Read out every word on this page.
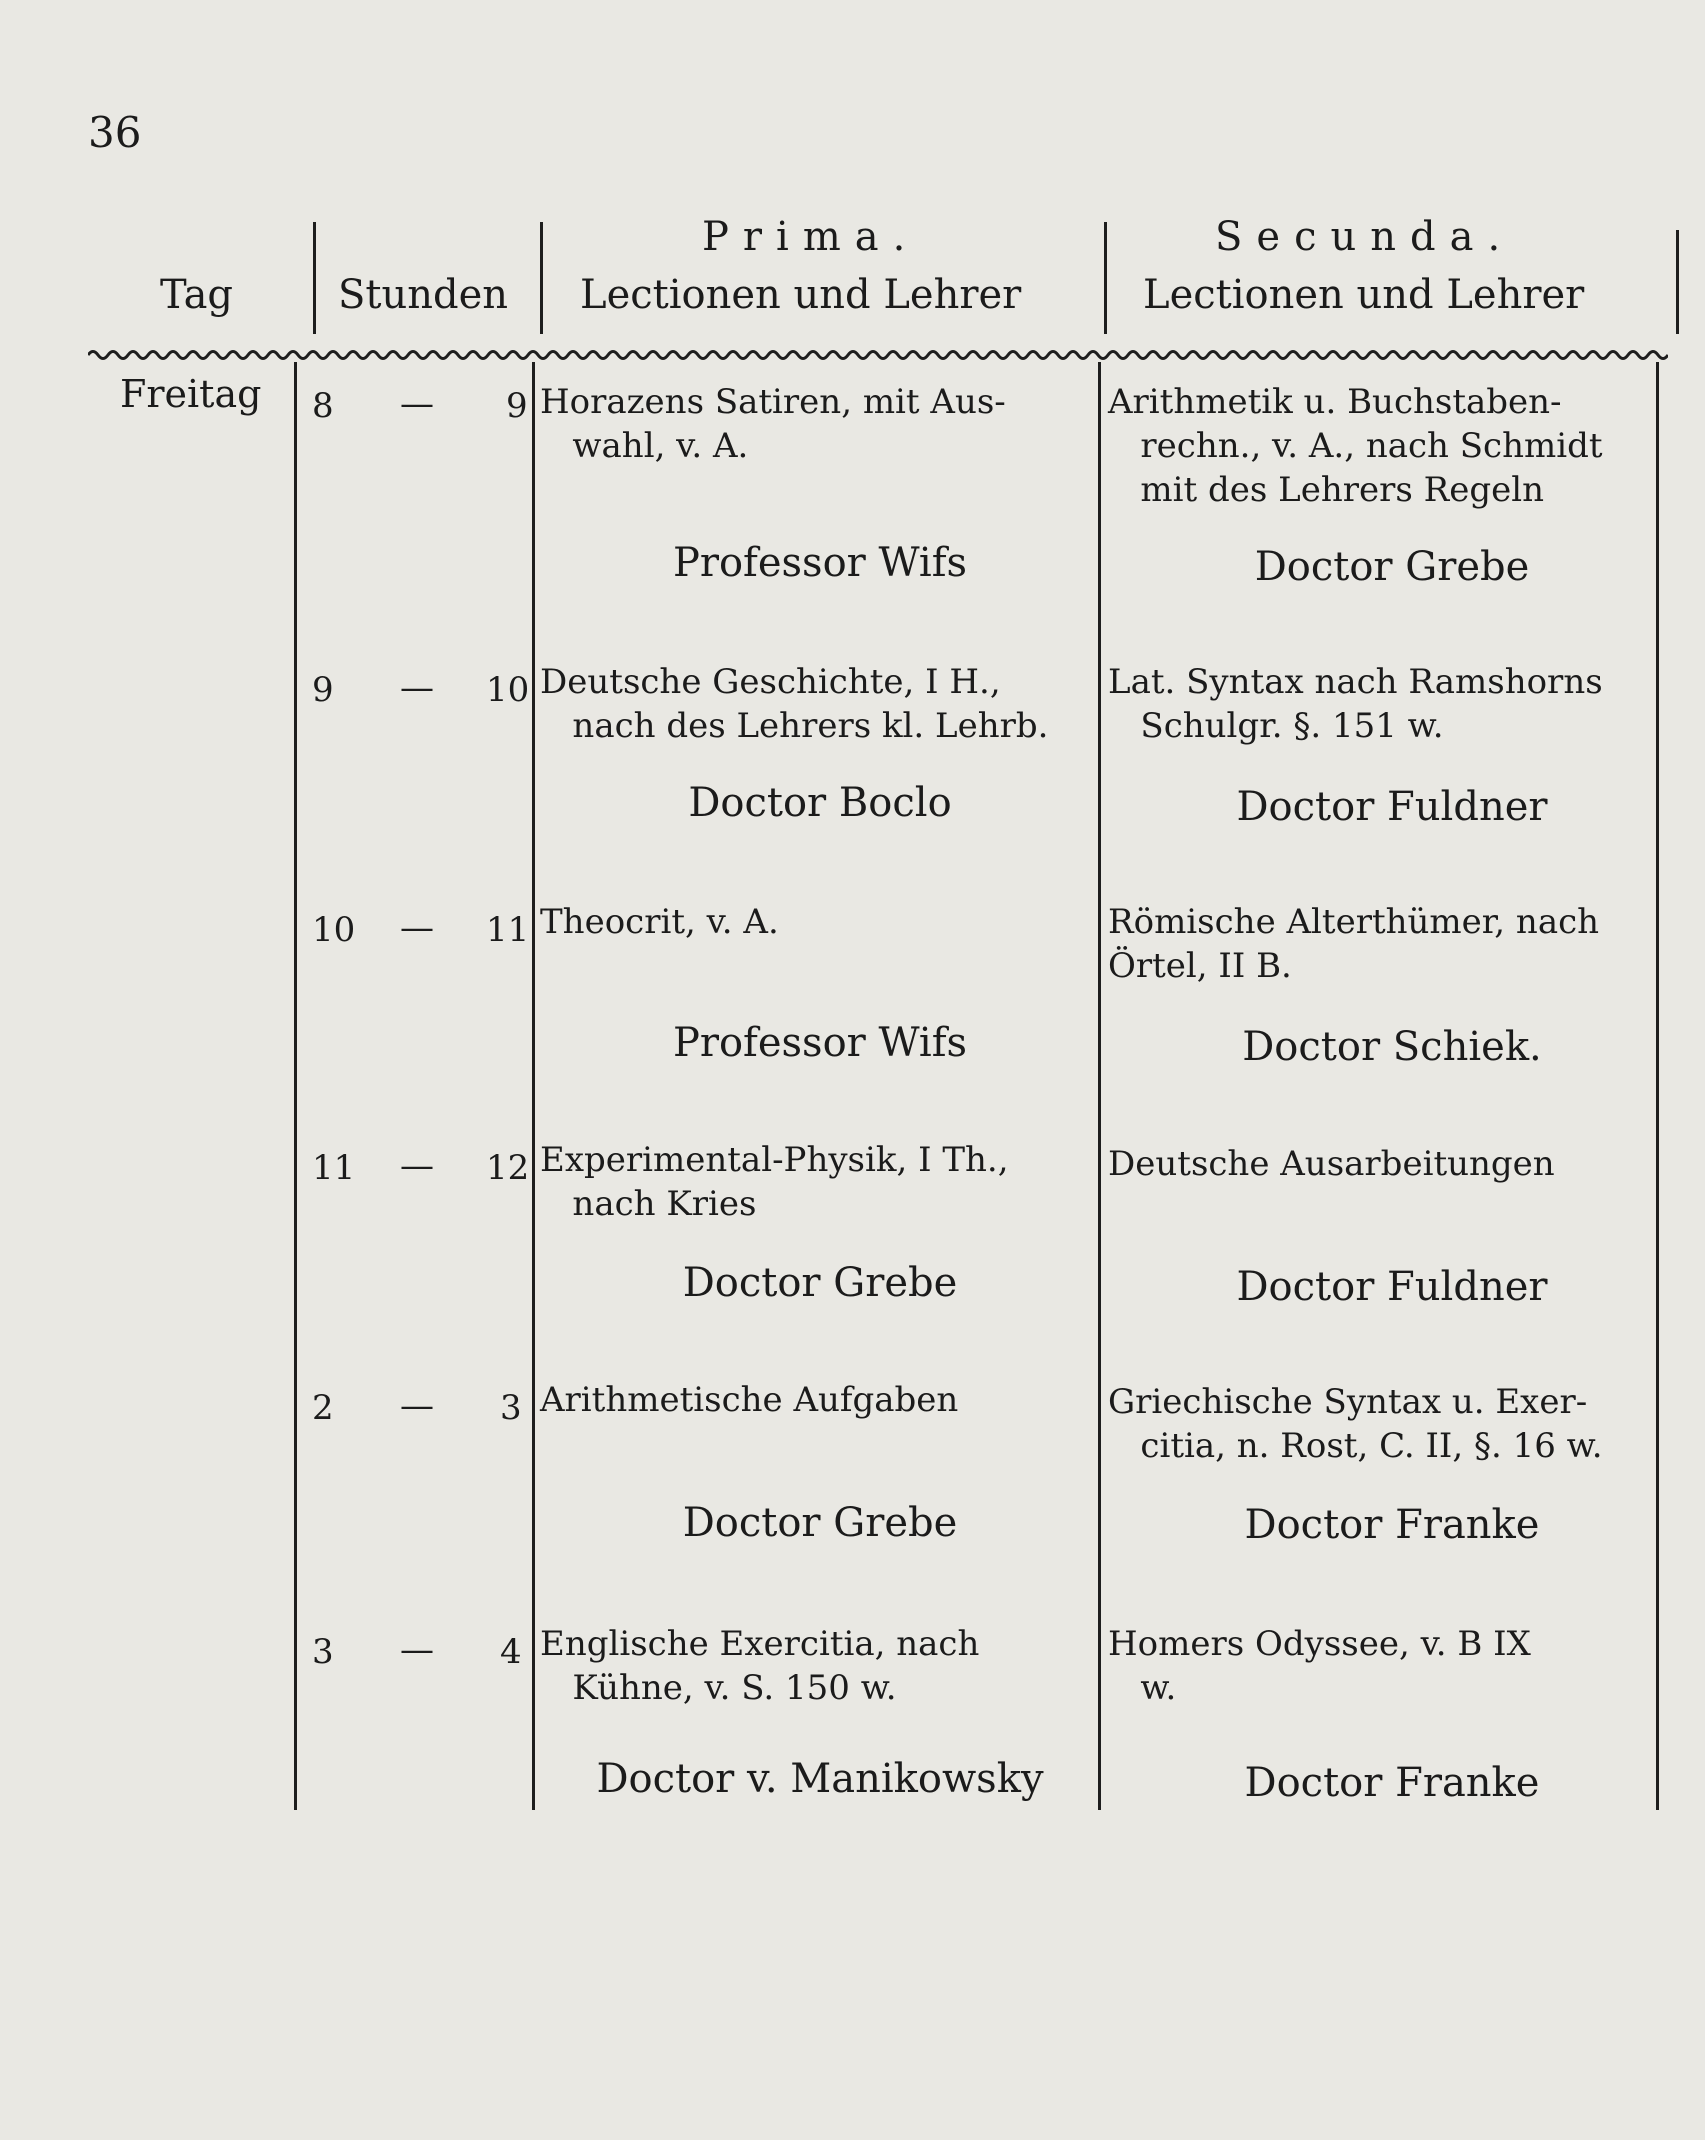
36
Tag	Stunden
Prima.
Lectionen und Lehrer
Secunda.
Lectionen und Lehrer
Freitag 8 — 9 Horazens Satiren, mit Aus-
wahl, v. A.
Professor Wifs
Arithmetik u. Buchstaben-
rechn., v. A., nach Schmidt
mit des Lehrers Regeln
Doctor Grebe
9 — 10 Deutsche Geschichte, I H.,
nach des Lehrers kl. Lehrb.
Doctor Boclo
Lat. Syntax nach Ramshorns
Schulgr. §. 151 w.
Doctor Fuldner
10 — 11 Theocrit, v. A.
Professor Wifs
Römische Alterthümer, nach
Örtel, II B.
Doctor Schiek.
11 — 12 Experimental-Physik, I Th.,
nach Kries
Doctor Grebe
Deutsche Ausarbeitungen
Doctor Fuldner
2 — 3 Arithmetische Aufgaben
Doctor Grebe
Griechische Syntax u. Exer-
citia, n. Rost, C. II, §. 16 w.
Doctor Franke
3 — 4 Englische Exercitia, nach
Kühne, v. S. 150 w.
Doctor v. Manikowsky
Homers Odyssee, v. B IX
w.
Doctor Franke
